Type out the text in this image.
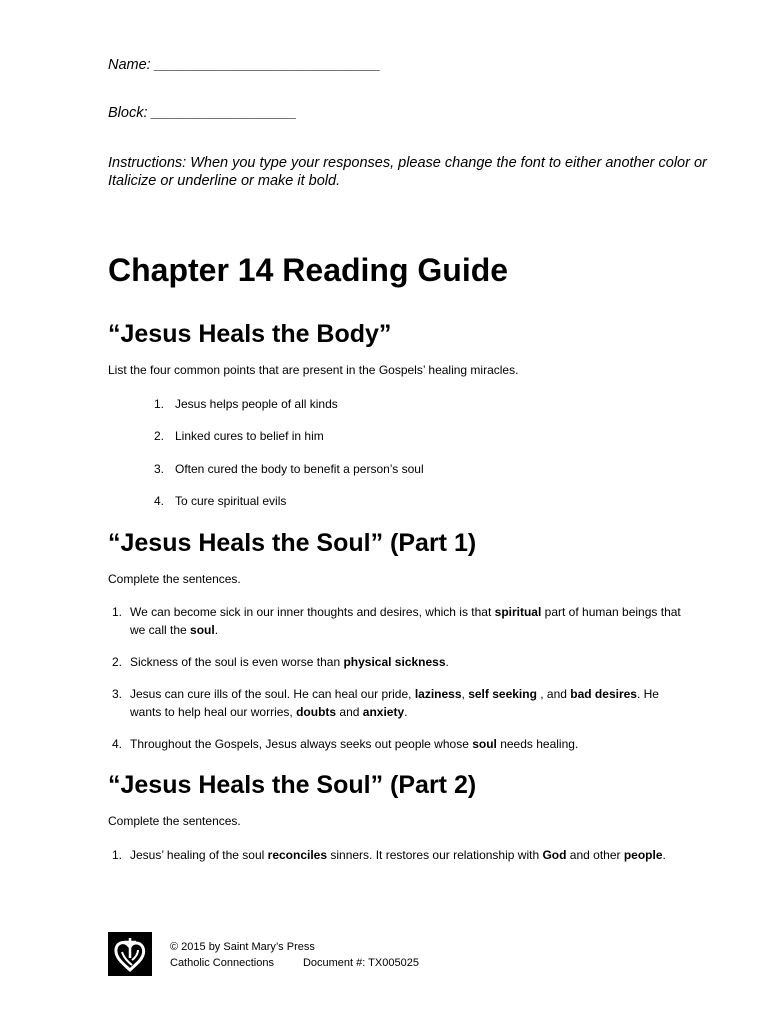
Name: ____________________________
Block: __________________
Instructions: When you type your responses, please change the font to either another color or Italicize or underline or make it bold.
Chapter 14 Reading Guide
“Jesus Heals the Body”
List the four common points that are present in the Gospels’ healing miracles.
1. Jesus helps people of all kinds
2. Linked cures to belief in him
3. Often cured the body to benefit a person’s soul
4. To cure spiritual evils
“Jesus Heals the Soul” (Part 1)
Complete the sentences.
1. We can become sick in our inner thoughts and desires, which is that spiritual part of human beings that we call the soul.
2. Sickness of the soul is even worse than physical sickness.
3. Jesus can cure ills of the soul. He can heal our pride, laziness, self seeking , and bad desires. He wants to help heal our worries, doubts and anxiety.
4. Throughout the Gospels, Jesus always seeks out people whose soul needs healing.
“Jesus Heals the Soul” (Part 2)
Complete the sentences.
1. Jesus’ healing of the soul reconciles sinners. It restores our relationship with God and other people.
© 2015 by Saint Mary’s Press
Catholic Connections	Document #: TX005025
